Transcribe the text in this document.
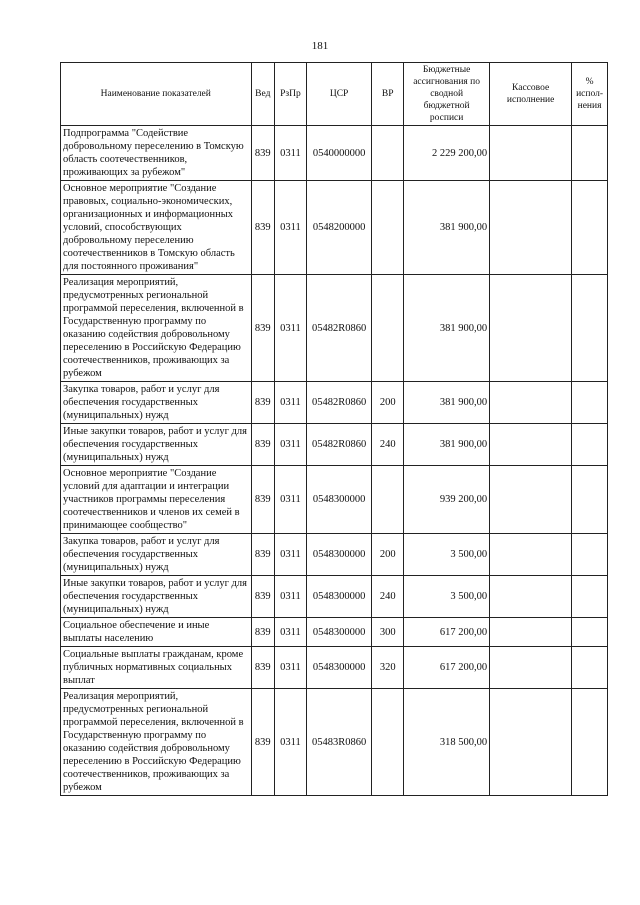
181
Наименование показателей	Вед	РзПр	ЦСР	ВР	Бюджетные ассигнования по сводной бюджетной росписи	Кассовое исполнение	% испол-нения
Подпрограмма "Содействие добровольному переселению в Томскую область соотечественников, проживающих за рубежом"	839	0311	0540000000		2 229 200,00		
Основное мероприятие "Создание правовых, социально-экономических, организационных и информационных условий, способствующих добровольному переселению соотечественников в Томскую область для постоянного проживания"	839	0311	0548200000		381 900,00		
Реализация мероприятий, предусмотренных региональной программой переселения, включенной в Государственную программу по оказанию содействия добровольному переселению в Российскую Федерацию соотечественников, проживающих за рубежом	839	0311	05482R0860		381 900,00		
Закупка товаров, работ и услуг для обеспечения государственных (муниципальных) нужд	839	0311	05482R0860	200	381 900,00		
Иные закупки товаров, работ и услуг для обеспечения государственных (муниципальных) нужд	839	0311	05482R0860	240	381 900,00		
Основное мероприятие "Создание условий для адаптации и интеграции участников программы переселения соотечественников и членов их семей в принимающее сообщество"	839	0311	0548300000		939 200,00		
Закупка товаров, работ и услуг для обеспечения государственных (муниципальных) нужд	839	0311	0548300000	200	3 500,00		
Иные закупки товаров, работ и услуг для обеспечения государственных (муниципальных) нужд	839	0311	0548300000	240	3 500,00		
Социальное обеспечение и иные выплаты населению	839	0311	0548300000	300	617 200,00		
Социальные выплаты гражданам, кроме публичных нормативных социальных выплат	839	0311	0548300000	320	617 200,00		
Реализация мероприятий, предусмотренных региональной программой переселения, включенной в Государственную программу по оказанию содействия добровольному переселению в Российскую Федерацию соотечественников, проживающих за рубежом	839	0311	05483R0860		318 500,00		
